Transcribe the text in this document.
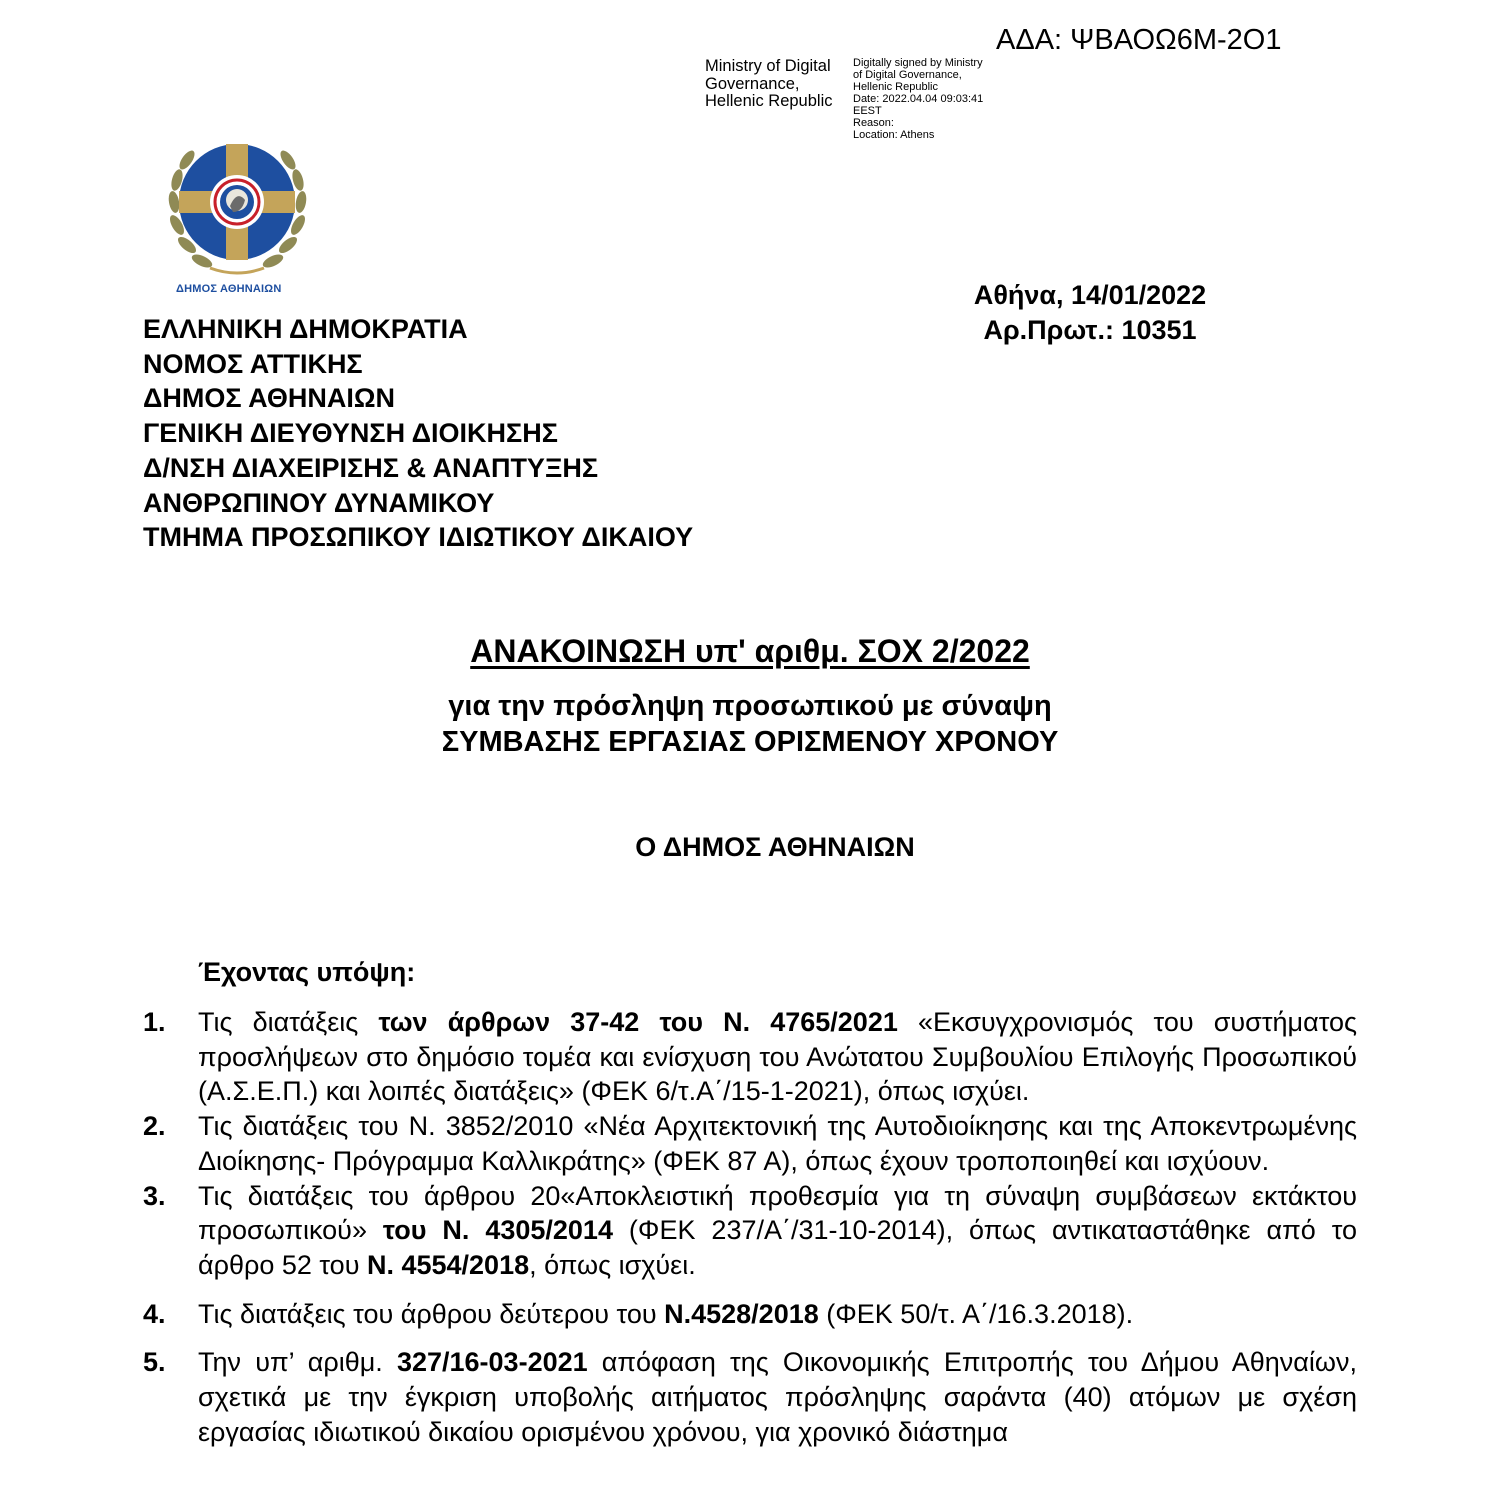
ΑΔΑ: ΨΒΑΟΩ6Μ-2Ο1
Ministry of Digital
Governance,
Hellenic Republic
Digitally signed by Ministry
of Digital Governance,
Hellenic Republic
Date: 2022.04.04 09:03:41
EEST
Reason:
Location: Athens
ΔΗΜΟΣ ΑΘΗΝΑΙΩΝ	Αθήνα, 14/01/2022
Αρ.Πρωτ.: 10351
ΕΛΛΗΝΙΚΗ ΔΗΜΟΚΡΑΤΙΑ
ΝΟΜΟΣ ΑΤΤΙΚΗΣ
ΔΗΜΟΣ ΑΘΗΝΑΙΩΝ
ΓΕΝΙΚΗ ΔΙΕΥΘΥΝΣΗ ΔΙΟΙΚΗΣΗΣ
Δ/ΝΣΗ ΔΙΑΧΕΙΡΙΣΗΣ & ΑΝΑΠΤΥΞΗΣ
ΑΝΘΡΩΠΙΝΟΥ ΔΥΝΑΜΙΚΟΥ
ΤΜΗΜΑ ΠΡΟΣΩΠΙΚΟΥ ΙΔΙΩΤΙΚΟΥ ΔΙΚΑΙΟΥ
ΑΝΑΚΟΙΝΩΣΗ υπ' αριθμ. ΣΟΧ 2/2022
για την πρόσληψη προσωπικού με σύναψη
ΣΥΜΒΑΣΗΣ ΕΡΓΑΣΙΑΣ ΟΡΙΣΜΕΝΟΥ ΧΡΟΝΟΥ
Ο ΔΗΜΟΣ ΑΘΗΝΑΙΩΝ
Έχοντας υπόψη:
1. Τις διατάξεις των άρθρων 37-42 του Ν. 4765/2021 «Εκσυγχρονισμός του συστήματος προσλήψεων στο δημόσιο τομέα και ενίσχυση του Ανώτατου Συμβουλίου Επιλογής Προσωπικού (Α.Σ.Ε.Π.) και λοιπές διατάξεις» (ΦΕΚ 6/τ.Α΄/15-1-2021), όπως ισχύει.
2. Τις διατάξεις του Ν. 3852/2010 «Νέα Αρχιτεκτονική της Αυτοδιοίκησης και της Αποκεντρωμένης Διοίκησης- Πρόγραμμα Καλλικράτης» (ΦΕΚ 87 Α), όπως έχουν τροποποιηθεί και ισχύουν.
3. Τις διατάξεις του άρθρου 20«Αποκλειστική προθεσμία για τη σύναψη συμβάσεων εκτάκτου προσωπικού» του Ν. 4305/2014 (ΦΕΚ 237/Α΄/31-10-2014), όπως αντικαταστάθηκε από το άρθρο 52 του Ν. 4554/2018, όπως ισχύει.
4. Τις διατάξεις του άρθρου δεύτερου του Ν.4528/2018 (ΦΕΚ 50/τ. Α΄/16.3.2018).
5. Την υπ’ αριθμ. 327/16-03-2021 απόφαση της Οικονομικής Επιτροπής του Δήμου Αθηναίων, σχετικά με την έγκριση υποβολής αιτήματος πρόσληψης σαράντα (40) ατόμων με σχέση εργασίας ιδιωτικού δικαίου ορισμένου χρόνου, για χρονικό διάστημα
